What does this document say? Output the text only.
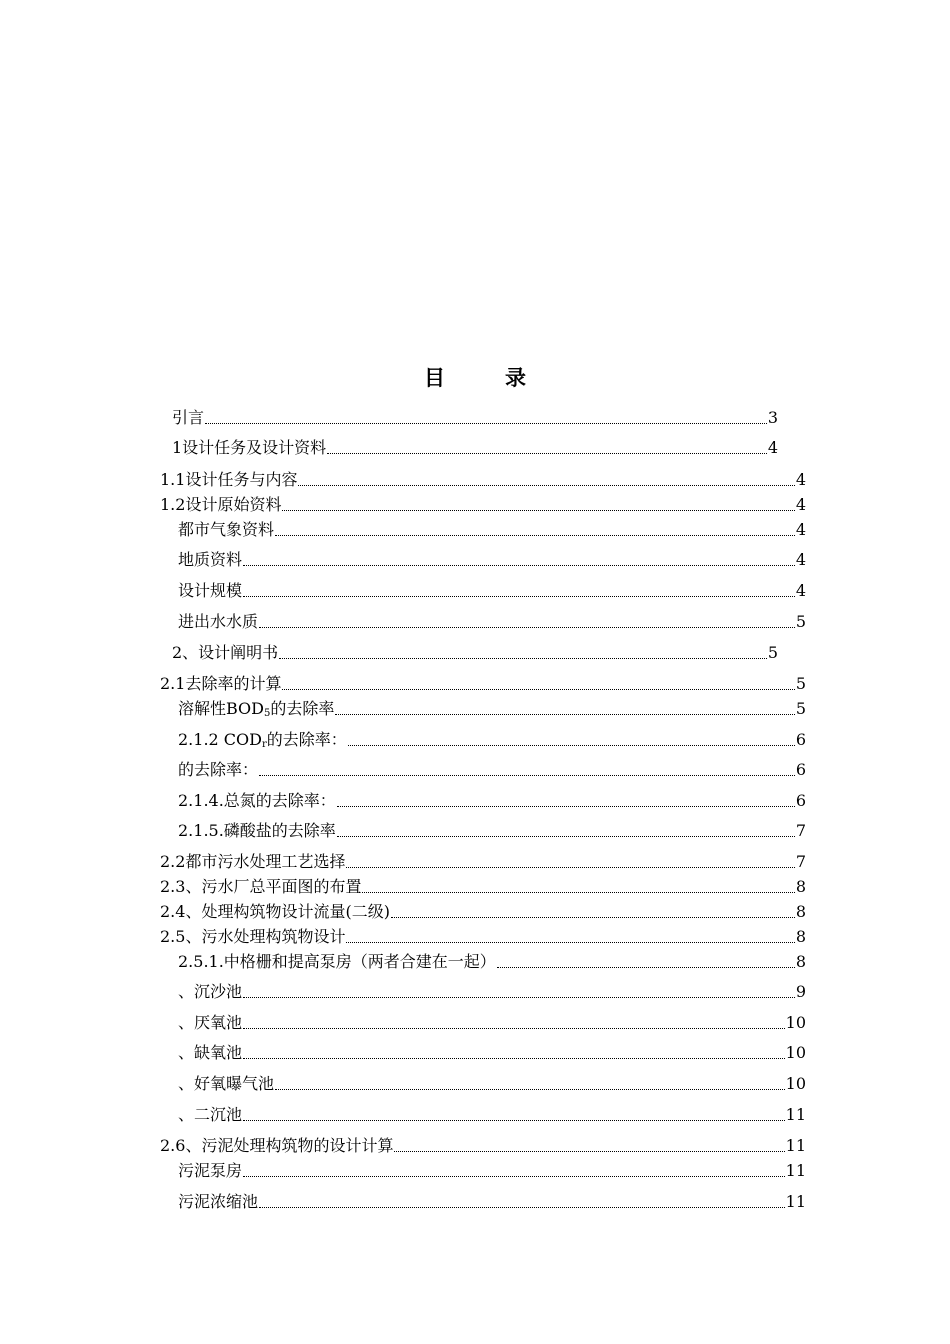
目	录
引言	3
1设计任务及设计资料	4
1.1设计任务与内容	4
1.2设计原始资料	4
都市气象资料	4
地质资料	4
设计规模	4
进出水水质	5
2、设计阐明书	5
2.1去除率的计算	5
溶解性$BOD_5$的去除率	5
2.1.2 $COD_r$的去除率：	6
的去除率：	6
2.1.4.总氮的去除率：	6
2.1.5.磷酸盐的去除率	7
2.2都市污水处理工艺选择	7
2.3、污水厂总平面图的布置	8
2.4、处理构筑物设计流量(二级)	8
2.5、污水处理构筑物设计	8
2.5.1.中格栅和提高泵房（两者合建在一起）	8
、沉沙池	9
、厌氧池	10
、缺氧池	10
、好氧曝气池	10
、二沉池	11
2.6、污泥处理构筑物的设计计算	11
污泥泵房	11
污泥浓缩池	11
